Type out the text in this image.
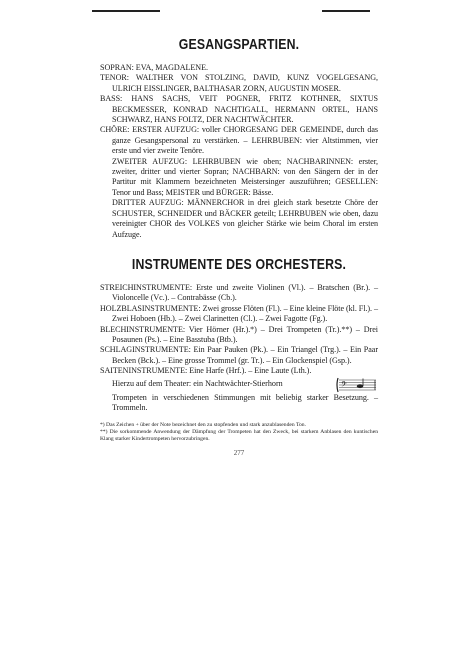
GESANGSPARTIEN.

SOPRAN: EVA, MAGDALENE.

TENOR: WALTHER VON STOLZING, DAVID, KUNZ VOGELGESANG, ULRICH EISSLINGER, BALTHASAR ZORN, AUGUSTIN MOSER.

BASS: HANS SACHS, VEIT POGNER, FRITZ KOTHNER, SIXTUS BECKMESSER, KONRAD NACHTIGALL, HERMANN ORTEL, HANS SCHWARZ, HANS FOLTZ, DER NACHTWÄCHTER.

CHÖRE: ERSTER AUFZUG: voller CHORGESANG DER GEMEINDE, durch das ganze Gesangspersonal zu verstärken. – LEHRBUBEN: vier Altstimmen, vier erste und vier zweite Tenöre.

ZWEITER AUFZUG: LEHRBUBEN wie oben; NACHBARINNEN: erster, zweiter, dritter und vierter Sopran; NACHBARN: von den Sängern der in der Partitur mit Klammern bezeichneten Meistersinger auszuführen; GESELLEN: Tenor und Bass; MEISTER und BÜRGER: Bässe.

DRITTER AUFZUG: MÄNNERCHOR in drei gleich stark besetzte Chöre der SCHUSTER, SCHNEIDER und BÄCKER geteilt; LEHRBUBEN wie oben, dazu vereinigter CHOR des VOLKES von gleicher Stärke wie beim Choral im ersten Aufzuge.

INSTRUMENTE DES ORCHESTERS.

STREICHINSTRUMENTE: Erste und zweite Violinen (Vl.). – Bratschen (Br.). – Violoncelle (Vc.). – Contrabässe (Cb.).

HOLZBLASINSTRUMENTE: Zwei grosse Flöten (Fl.). – Eine kleine Flöte (kl. Fl.). – Zwei Hoboen (Hb.). – Zwei Clarinetten (Cl.). – Zwei Fagotte (Fg.).

BLECHINSTRUMENTE: Vier Hörner (Hr.).*) – Drei Trompeten (Tr.).**) – Drei Posaunen (Ps.). – Eine Basstuba (Btb.).

SCHLAGINSTRUMENTE: Ein Paar Pauken (Pk.). – Ein Triangel (Trg.). – Ein Paar Becken (Bck.). – Eine grosse Trommel (gr. Tr.). – Ein Glockenspiel (Gsp.).

SAITENINSTRUMENTE: Eine Harfe (Hrf.). – Eine Laute (Lth.).

Hierzu auf dem Theater: ein Nachtwächter-Stierhorn	𝄢

Trompeten in verschiedenen Stimmungen mit beliebig starker Besetzung. – Trommeln.

*) Das Zeichen + über der Note bezeichnet den zu stopfenden und stark anzublasenden Ton.

**) Die sorkommende Anwendung der Dämpfung der Trompeten hat den Zweck, bei starkem Anblasen den kuntischen Klang starker Kindertrompeten hervorzubringen.

277
